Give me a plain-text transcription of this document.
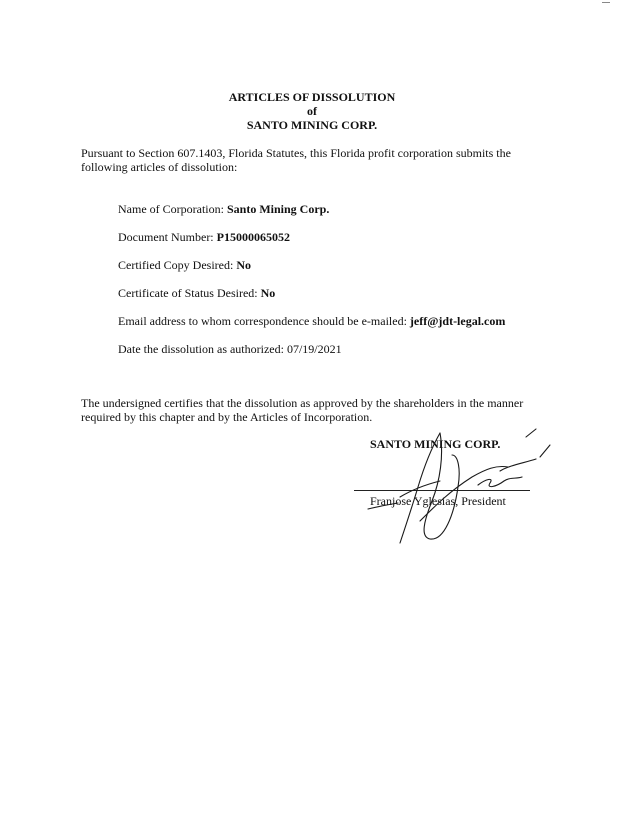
ARTICLES OF DISSOLUTION
of
SANTO MINING CORP.
Pursuant to Section 607.1403, Florida Statutes, this Florida profit corporation submits the following articles of dissolution:
Name of Corporation: Santo Mining Corp.
Document Number: P15000065052
Certified Copy Desired: No
Certificate of Status Desired: No
Email address to whom correspondence should be e-mailed: jeff@jdt-legal.com
Date the dissolution as authorized: 07/19/2021
The undersigned certifies that the dissolution as approved by the shareholders in the manner required by this chapter and by the Articles of Incorporation.
SANTO MINING CORP.
Franjose Yglesias, President
